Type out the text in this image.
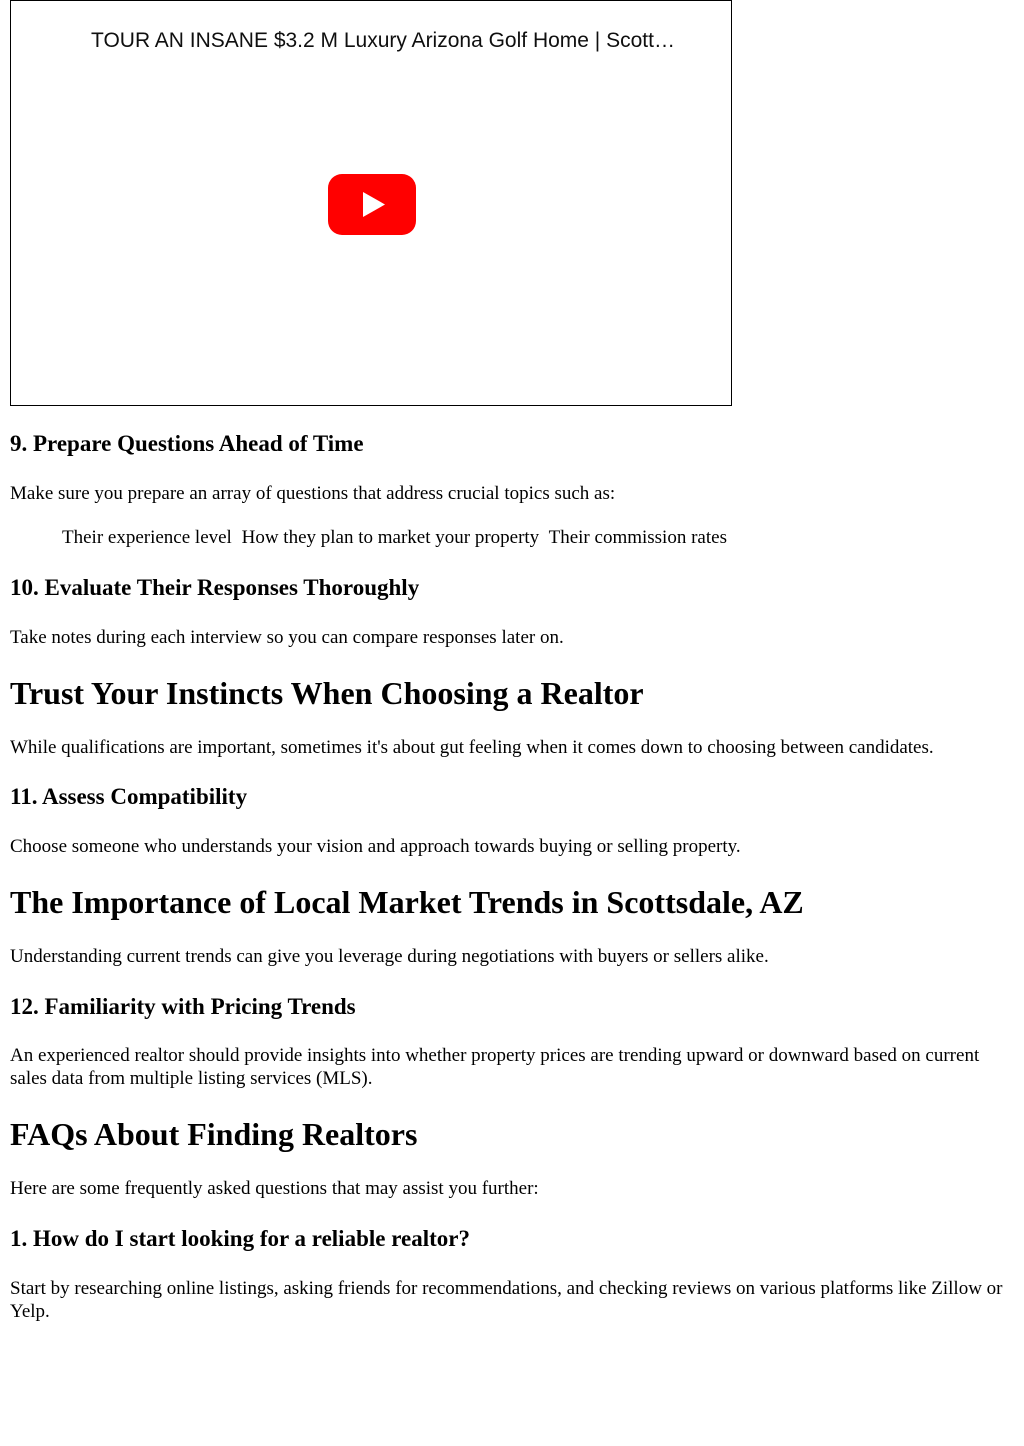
TOUR AN INSANE $3.2 M Luxury Arizona Golf Home | Scott…
9. Prepare Questions Ahead of Time

Make sure you prepare an array of questions that address crucial topics such as:

Their experience level How they plan to market your property Their commission rates
10. Evaluate Their Responses Thoroughly

Take notes during each interview so you can compare responses later on.

Trust Your Instincts When Choosing a Realtor

While qualifications are important, sometimes it's about gut feeling when it comes down to choosing between candidates.

11. Assess Compatibility

Choose someone who understands your vision and approach towards buying or selling property.

The Importance of Local Market Trends in Scottsdale, AZ

Understanding current trends can give you leverage during negotiations with buyers or sellers alike.

12. Familiarity with Pricing Trends

An experienced realtor should provide insights into whether property prices are trending upward or downward based on current sales data from multiple listing services (MLS).

FAQs About Finding Realtors

Here are some frequently asked questions that may assist you further:

1. How do I start looking for a reliable realtor?

Start by researching online listings, asking friends for recommendations, and checking reviews on various platforms like Zillow or Yelp.
